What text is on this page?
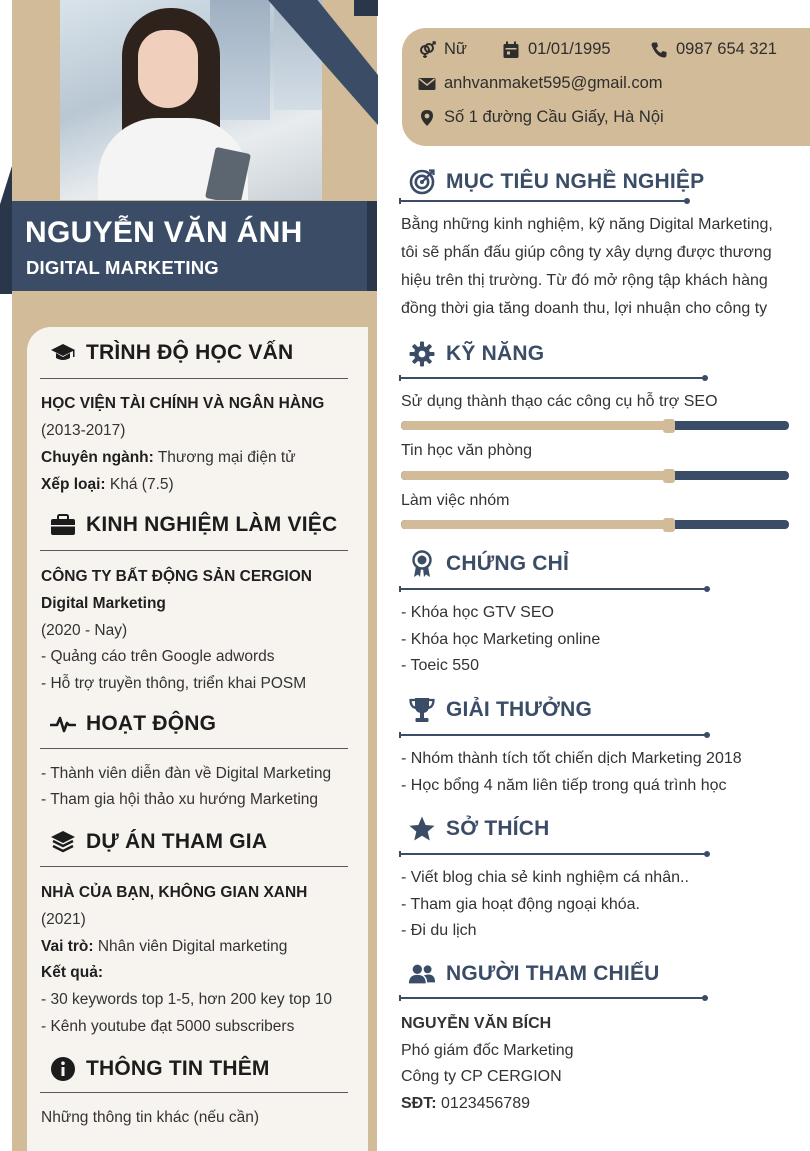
NGUYỄN VĂN ÁNH
DIGITAL MARKETING
TRÌNH ĐỘ HỌC VẤN
HỌC VIỆN TÀI CHÍNH VÀ NGÂN HÀNG
(2013-2017)
Chuyên ngành: Thương mại điện tử
Xếp loại: Khá (7.5)
KINH NGHIỆM LÀM VIỆC
CÔNG TY BẤT ĐỘNG SẢN CERGION
Digital Marketing
(2020 - Nay)
- Quảng cáo trên Google adwords
- Hỗ trợ truyền thông, triển khai POSM
HOẠT ĐỘNG
- Thành viên diễn đàn về Digital Marketing
- Tham gia hội thảo xu hướng Marketing
DỰ ÁN THAM GIA
NHÀ CỦA BẠN, KHÔNG GIAN XANH
(2021)
Vai trò: Nhân viên Digital marketing
Kết quả:
- 30 keywords top 1-5, hơn 200 key top 10
- Kênh youtube đạt 5000 subscribers
THÔNG TIN THÊM
Những thông tin khác (nếu cần)
Nữ	01/01/1995	0987 654 321
anhvanmaket595@gmail.com
Số 1 đường Cầu Giấy, Hà Nội
MỤC TIÊU NGHỀ NGHIỆP
Bằng những kinh nghiệm, kỹ năng Digital Marketing, tôi sẽ phấn đấu giúp công ty xây dựng được thương hiệu trên thị trường. Từ đó mở rộng tập khách hàng đồng thời gia tăng doanh thu, lợi nhuận cho công ty
KỸ NĂNG
Sử dụng thành thạo các công cụ hỗ trợ SEO
Tin học văn phòng
Làm việc nhóm
CHỨNG CHỈ
- Khóa học GTV SEO
- Khóa học Marketing online
- Toeic 550
GIẢI THƯỞNG
- Nhóm thành tích tốt chiến dịch Marketing 2018
- Học bổng 4 năm liên tiếp trong quá trình học
SỞ THÍCH
- Viết blog chia sẻ kinh nghiệm cá nhân..
- Tham gia hoạt động ngoại khóa.
- Đi du lịch
NGƯỜI THAM CHIẾU
NGUYỄN VĂN BÍCH
Phó giám đốc Marketing
Công ty CP CERGION
SĐT: 0123456789
